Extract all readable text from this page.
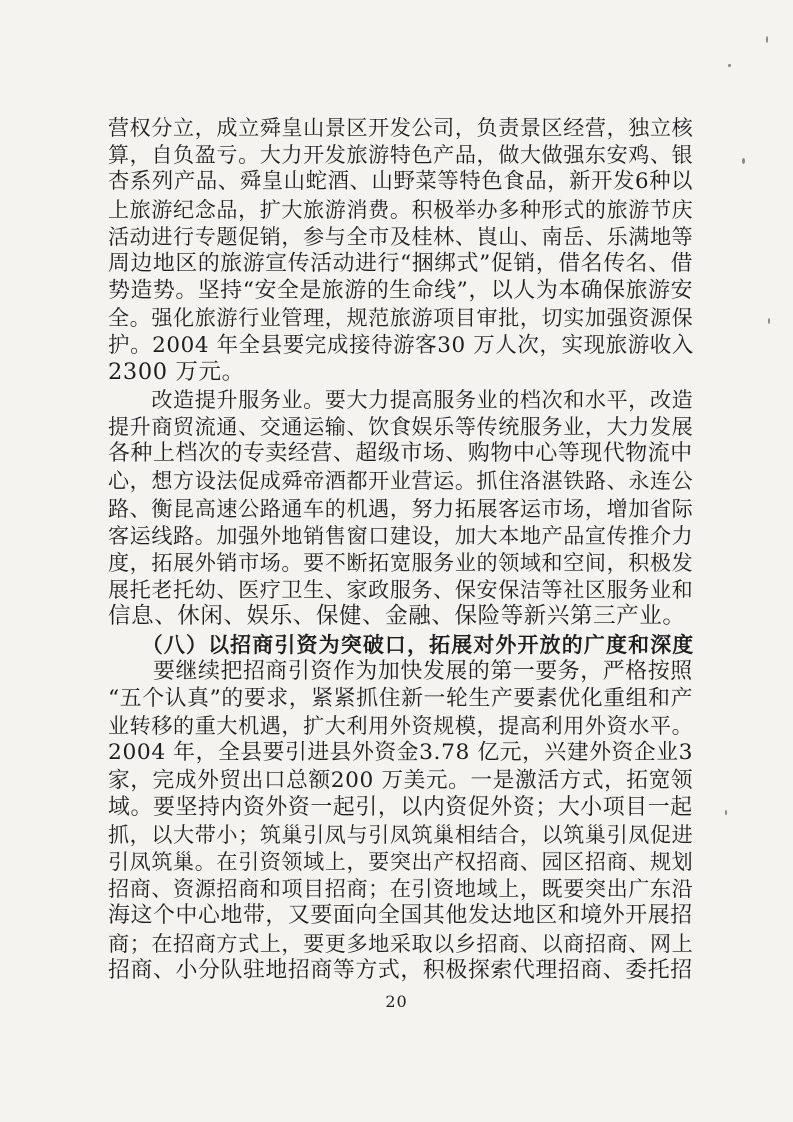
营权分立，成立舜皇山景区开发公司，负责景区经营，独立核
算，自负盈亏。大力开发旅游特色产品，做大做强东安鸡、银
杏系列产品、舜皇山蛇酒、山野菜等特色食品，新开发6种以
上旅游纪念品，扩大旅游消费。积极举办多种形式的旅游节庆
活动进行专题促销，参与全市及桂林、崀山、南岳、乐满地等
周边地区的旅游宣传活动进行“捆绑式”促销，借名传名、借
势造势。坚持“安全是旅游的生命线”，以人为本确保旅游安
全。强化旅游行业管理，规范旅游项目审批，切实加强资源保
护。2004 年全县要完成接待游客30 万人次，实现旅游收入
2300 万元。
　　改造提升服务业。要大力提高服务业的档次和水平，改造
提升商贸流通、交通运输、饮食娱乐等传统服务业，大力发展
各种上档次的专卖经营、超级市场、购物中心等现代物流中
心，想方设法促成舜帝酒都开业营运。抓住洛湛铁路、永连公
路、衡昆高速公路通车的机遇，努力拓展客运市场，增加省际
客运线路。加强外地销售窗口建设，加大本地产品宣传推介力
度，拓展外销市场。要不断拓宽服务业的领域和空间，积极发
展托老托幼、医疗卫生、家政服务、保安保洁等社区服务业和
信息、休闲、娱乐、保健、金融、保险等新兴第三产业。
　　（八）以招商引资为突破口，拓展对外开放的广度和深度
　　要继续把招商引资作为加快发展的第一要务，严格按照
“五个认真”的要求，紧紧抓住新一轮生产要素优化重组和产
业转移的重大机遇，扩大利用外资规模，提高利用外资水平。
2004 年，全县要引进县外资金3.78 亿元，兴建外资企业3
家，完成外贸出口总额200 万美元。一是激活方式，拓宽领
域。要坚持内资外资一起引，以内资促外资；大小项目一起
抓，以大带小；筑巢引凤与引凤筑巢相结合，以筑巢引凤促进
引凤筑巢。在引资领域上，要突出产权招商、园区招商、规划
招商、资源招商和项目招商；在引资地域上，既要突出广东沿
海这个中心地带，又要面向全国其他发达地区和境外开展招
商；在招商方式上，要更多地采取以乡招商、以商招商、网上
招商、小分队驻地招商等方式，积极探索代理招商、委托招
20
